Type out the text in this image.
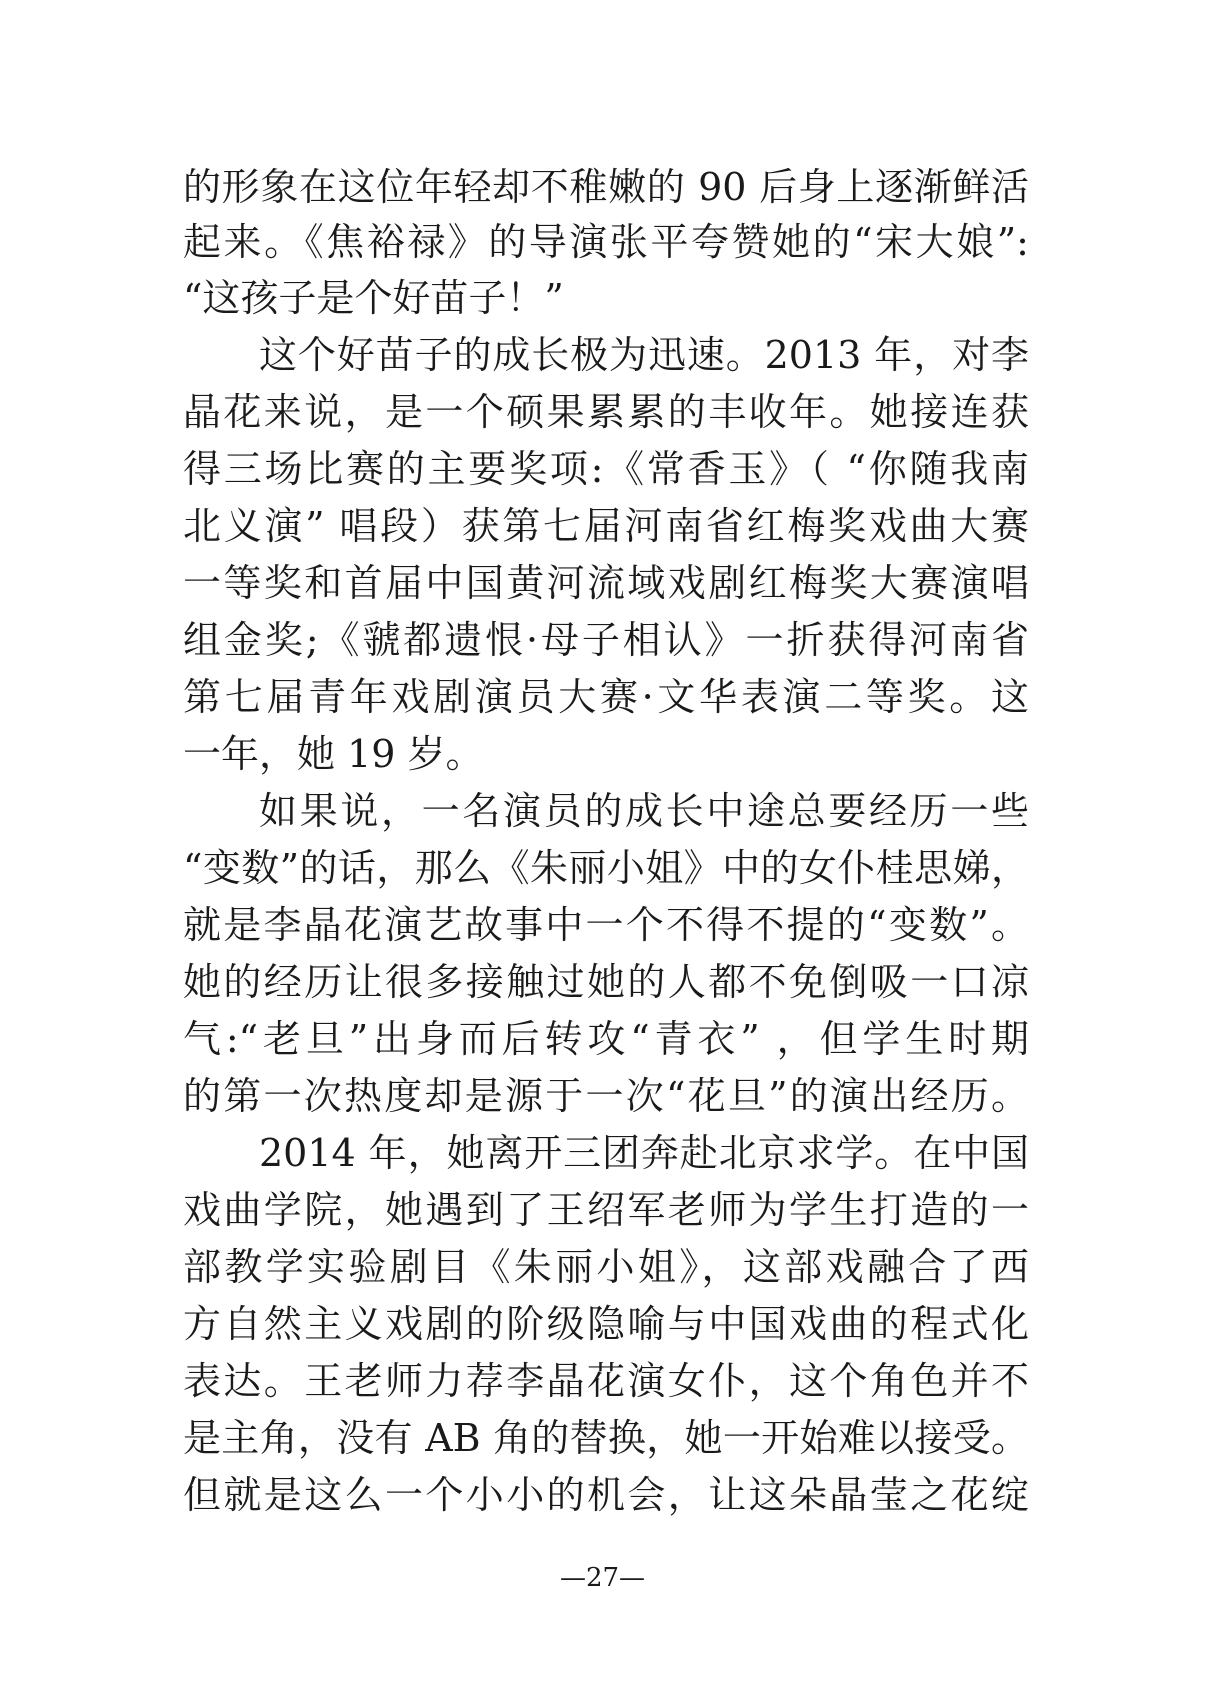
的形象在这位年轻却不稚嫩的 90 后身上逐渐鲜活
起来。《焦裕禄》的导演张平夸赞她的“宋大娘”:
“这孩子是个好苗子！”
这个好苗子的成长极为迅速。2013 年，对李
晶花来说，是一个硕果累累的丰收年。她接连获
得三场比赛的主要奖项:《常香玉》（ “你随我南
北义演” 唱段）获第七届河南省红梅奖戏曲大赛
一等奖和首届中国黄河流域戏剧红梅奖大赛演唱
组金奖;《虢都遗恨·母子相认》一折获得河南省
第七届青年戏剧演员大赛·文华表演二等奖。这
一年，她 19 岁。
如果说，一名演员的成长中途总要经历一些
“变数”的话，那么《朱丽小姐》中的女仆桂思娣，
就是李晶花演艺故事中一个不得不提的“变数”。
她的经历让很多接触过她的人都不免倒吸一口凉
气:“老旦”出身而后转攻“青衣” ，但学生时期
的第一次热度却是源于一次“花旦”的演出经历。
2014 年，她离开三团奔赴北京求学。在中国
戏曲学院，她遇到了王绍军老师为学生打造的一
部教学实验剧目《朱丽小姐》，这部戏融合了西
方自然主义戏剧的阶级隐喻与中国戏曲的程式化
表达。王老师力荐李晶花演女仆，这个角色并不
是主角，没有 AB 角的替换，她一开始难以接受。
但就是这么一个小小的机会，让这朵晶莹之花绽
—27—
